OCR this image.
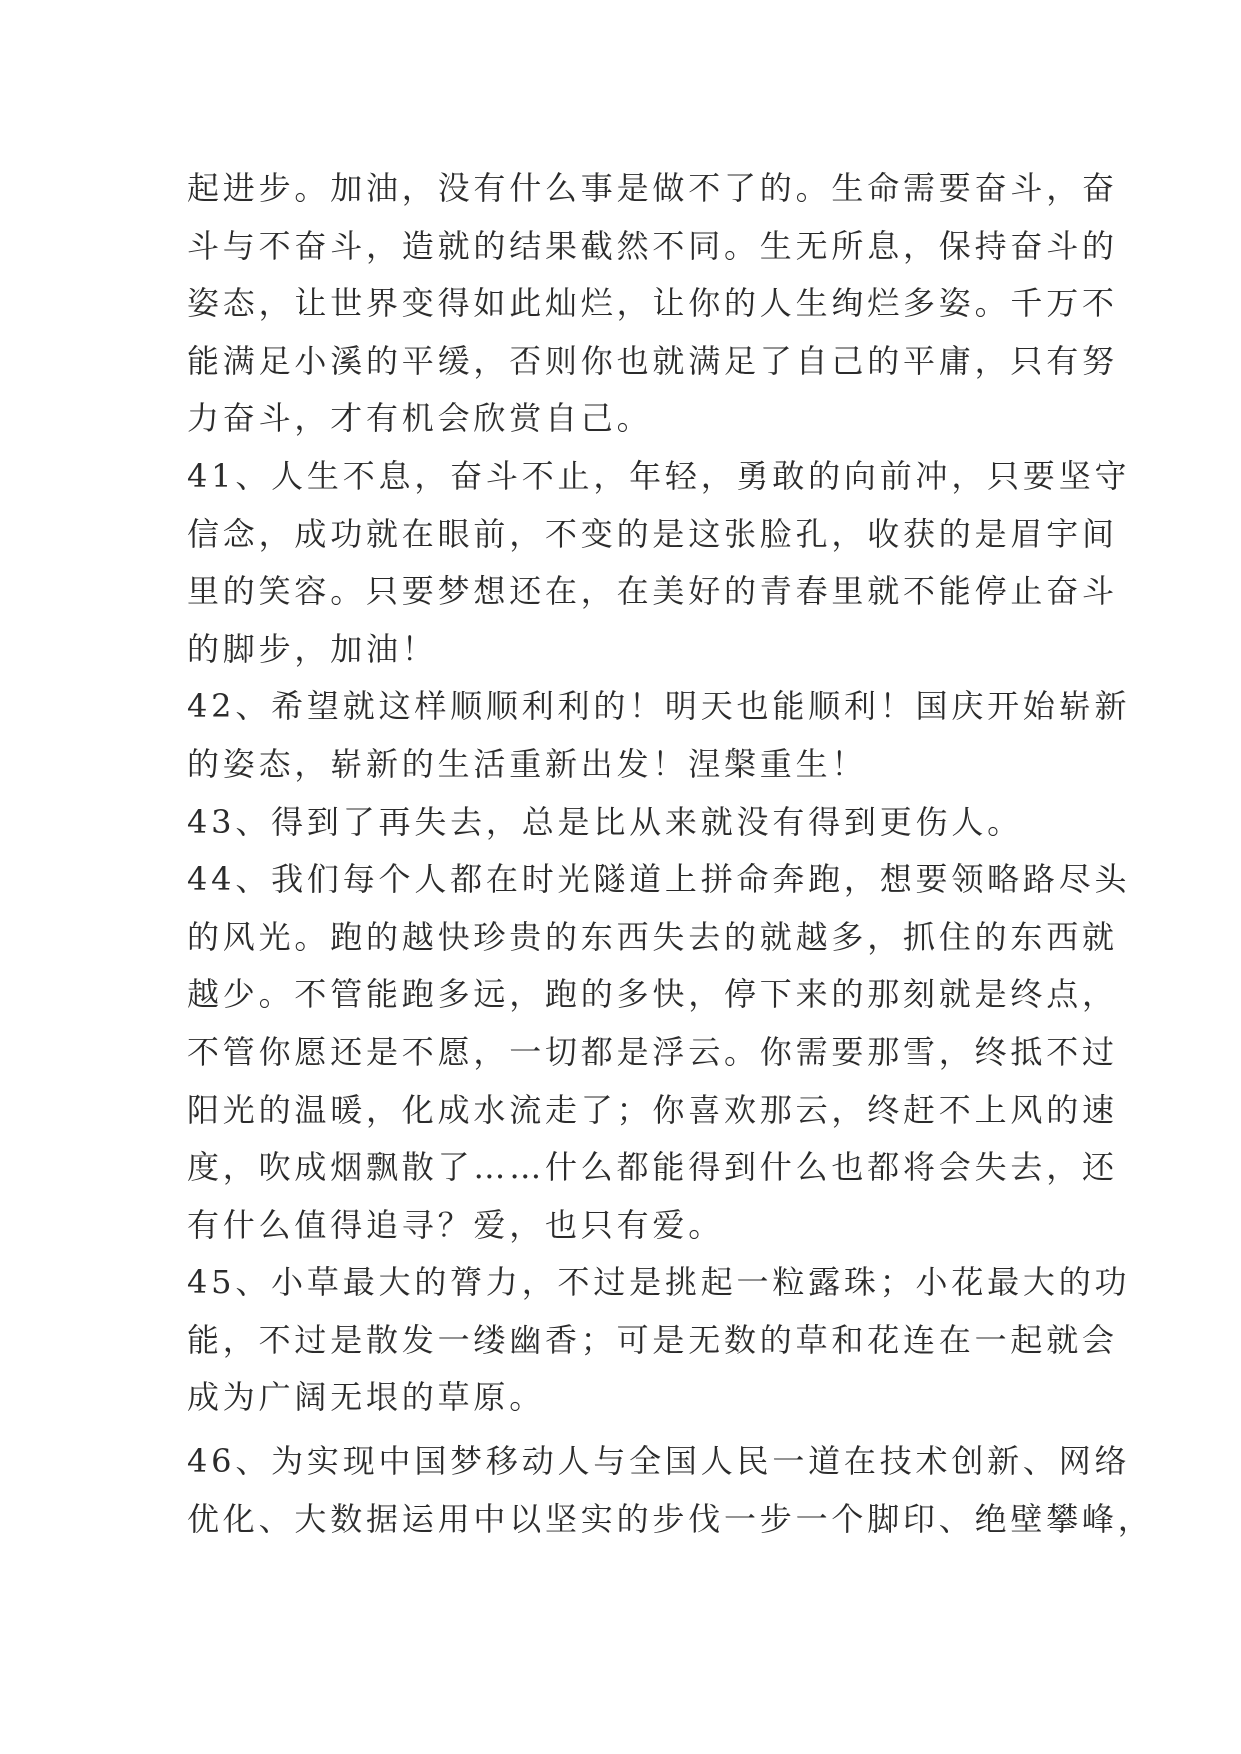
起进步。加油，没有什么事是做不了的。生命需要奋斗，奋
斗与不奋斗，造就的结果截然不同。生无所息，保持奋斗的
姿态，让世界变得如此灿烂，让你的人生绚烂多姿。千万不
能满足小溪的平缓，否则你也就满足了自己的平庸，只有努
力奋斗，才有机会欣赏自己。
41、人生不息，奋斗不止，年轻，勇敢的向前冲，只要坚守
信念，成功就在眼前，不变的是这张脸孔，收获的是眉宇间
里的笑容。只要梦想还在，在美好的青春里就不能停止奋斗
的脚步，加油！
42、希望就这样顺顺利利的！明天也能顺利！国庆开始崭新
的姿态，崭新的生活重新出发！涅槃重生！
43、得到了再失去，总是比从来就没有得到更伤人。
44、我们每个人都在时光隧道上拼命奔跑，想要领略路尽头
的风光。跑的越快珍贵的东西失去的就越多，抓住的东西就
越少。不管能跑多远，跑的多快，停下来的那刻就是终点，
不管你愿还是不愿，一切都是浮云。你需要那雪，终抵不过
阳光的温暖，化成水流走了；你喜欢那云，终赶不上风的速
度，吹成烟飘散了……什么都能得到什么也都将会失去，还
有什么值得追寻？爱，也只有爱。
45、小草最大的膂力，不过是挑起一粒露珠；小花最大的功
能，不过是散发一缕幽香；可是无数的草和花连在一起就会
成为广阔无垠的草原。
46、为实现中国梦移动人与全国人民一道在技术创新、网络
优化、大数据运用中以坚实的步伐一步一个脚印、绝壁攀峰，
